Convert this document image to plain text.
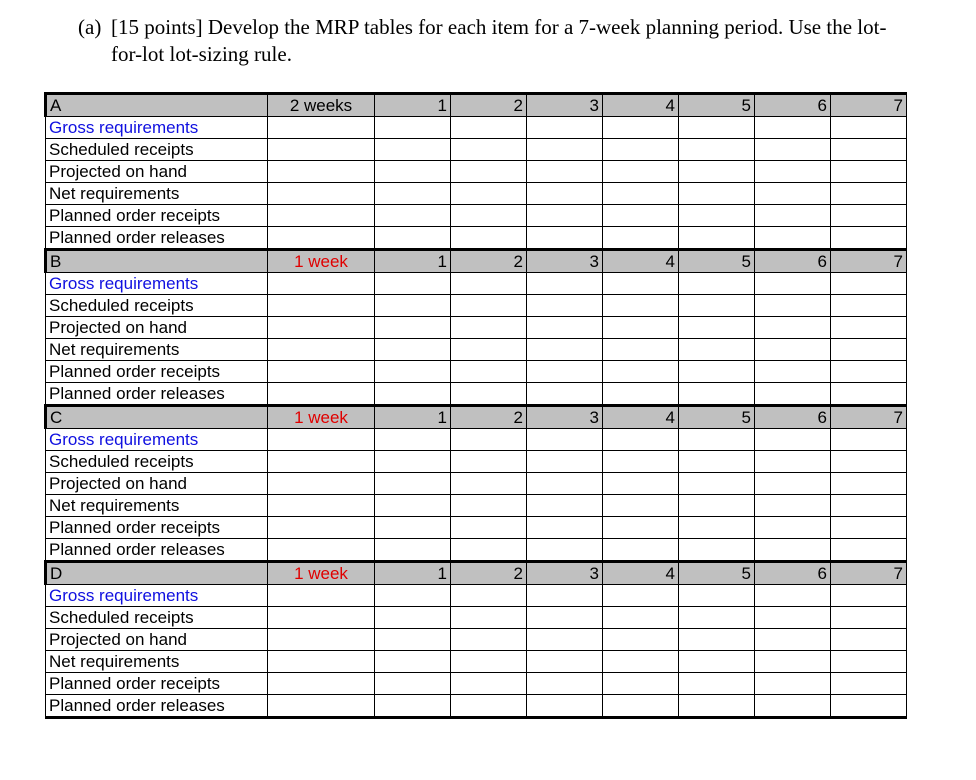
(a) [15 points] Develop the MRP tables for each item for a 7-week planning period. Use the lot-
for-lot lot-sizing rule.
A	2 weeks	1	2	3	4	5	6	7
Gross requirements								
Scheduled receipts								
Projected on hand								
Net requirements								
Planned order receipts								
Planned order releases								
B	1 week	1	2	3	4	5	6	7
Gross requirements								
Scheduled receipts								
Projected on hand								
Net requirements								
Planned order receipts								
Planned order releases								
C	1 week	1	2	3	4	5	6	7
Gross requirements								
Scheduled receipts								
Projected on hand								
Net requirements								
Planned order receipts								
Planned order releases								
D	1 week	1	2	3	4	5	6	7
Gross requirements								
Scheduled receipts								
Projected on hand								
Net requirements								
Planned order receipts								
Planned order releases								
